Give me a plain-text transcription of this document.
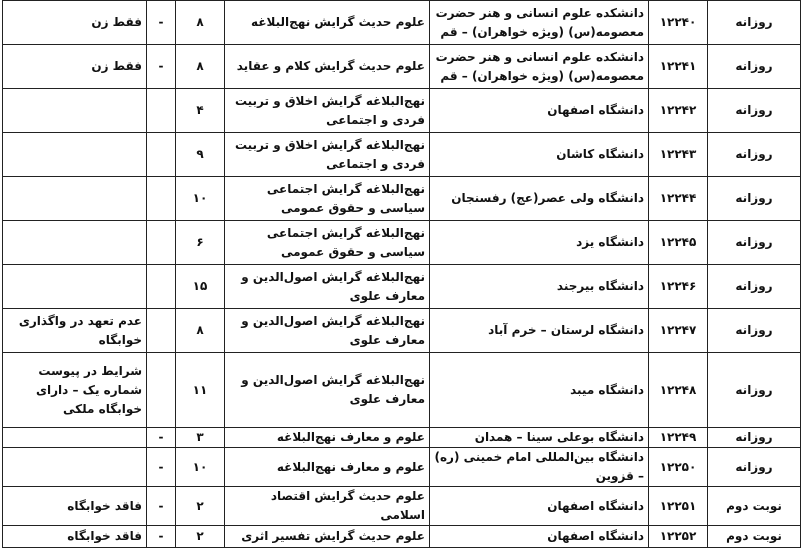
روزانه	۱۲۲۴۰	دانشکده علوم انسانی و هنر حضرت معصومه(س) (ویژه خواهران) – قم	علوم حدیث گرایش نهج‌البلاغه	۸	-	فقط زن
روزانه	۱۲۲۴۱	دانشکده علوم انسانی و هنر حضرت معصومه(س) (ویژه خواهران) – قم	علوم حدیث گرایش کلام و عقاید	۸	-	فقط زن
روزانه	۱۲۲۴۲	دانشگاه اصفهان	نهج‌البلاغه گرایش اخلاق و تربیت فردی و اجتماعی	۴		
روزانه	۱۲۲۴۳	دانشگاه کاشان	نهج‌البلاغه گرایش اخلاق و تربیت فردی و اجتماعی	۹		
روزانه	۱۲۲۴۴	دانشگاه ولی عصر(عج) رفسنجان	نهج‌البلاغه گرایش اجتماعی سیاسی و حقوق عمومی	۱۰		
روزانه	۱۲۲۴۵	دانشگاه یزد	نهج‌البلاغه گرایش اجتماعی سیاسی و حقوق عمومی	۶		
روزانه	۱۲۲۴۶	دانشگاه بیرجند	نهج‌البلاغه گرایش اصول‌الدین و معارف علوی	۱۵		
روزانه	۱۲۲۴۷	دانشگاه لرستان – خرم آباد	نهج‌البلاغه گرایش اصول‌الدین و معارف علوی	۸		عدم تعهد در واگذاری خوابگاه
روزانه	۱۲۲۴۸	دانشگاه میبد	نهج‌البلاغه گرایش اصول‌الدین و معارف علوی	۱۱		شرایط در پیوست شماره یک – دارای خوابگاه ملکی
روزانه	۱۲۲۴۹	دانشگاه بوعلی سینا – همدان	علوم و معارف نهج‌البلاغه	۳	-	
روزانه	۱۲۲۵۰	دانشگاه بین‌المللی امام خمینی (ره) – قزوین	علوم و معارف نهج‌البلاغه	۱۰	-	
نوبت دوم	۱۲۲۵۱	دانشگاه اصفهان	علوم حدیث گرایش اقتصاد اسلامی	۲	-	فاقد خوابگاه
نوبت دوم	۱۲۲۵۲	دانشگاه اصفهان	علوم حدیث گرایش تفسیر اثری	۲	-	فاقد خوابگاه
